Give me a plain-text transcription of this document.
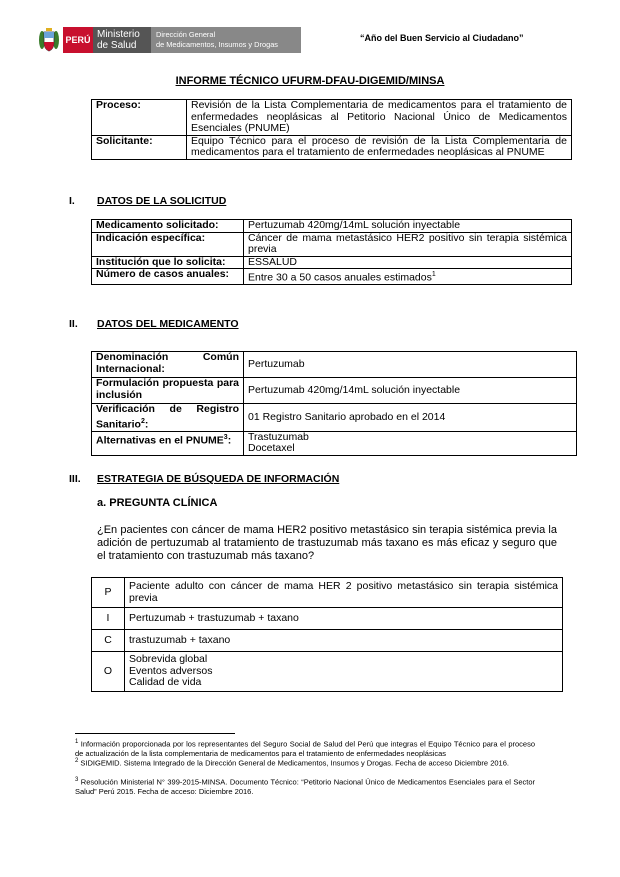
PERÚ Ministerio
de Salud
Dirección General
de Medicamentos, Insumos y Drogas
“Año del Buen Servicio al Ciudadano”
INFORME TÉCNICO UFURM-DFAU-DIGEMID/MINSA
Proceso:	Revisión de la Lista Complementaria de medicamentos para el tratamiento de enfermedades neoplásicas al Petitorio Nacional Único de Medicamentos Esenciales (PNUME)
Solicitante:	Equipo Técnico para el proceso de revisión de la Lista Complementaria de medicamentos para el tratamiento de enfermedades neoplásicas al PNUME
I. DATOS DE LA SOLICITUD
Medicamento solicitado:	Pertuzumab 420mg/14mL solución inyectable
Indicación específica:	Cáncer de mama metastásico HER2 positivo sin terapia sistémica previa
Institución que lo solicita:	ESSALUD
Número de casos anuales:	Entre 30 a 50 casos anuales estimados$^1$
II. DATOS DEL MEDICAMENTO
Denominación Común Internacional:	Pertuzumab
Formulación propuesta para inclusión	Pertuzumab 420mg/14mL solución inyectable
Verificación de Registro Sanitario$^2$:	01 Registro Sanitario aprobado en el 2014
Alternativas en el PNUME$^3$:	Trastuzumab
Docetaxel
III. ESTRATEGIA DE BÚSQUEDA DE INFORMACIÓN
a. PREGUNTA CLÍNICA
¿En pacientes con cáncer de mama HER2 positivo metastásico sin terapia sistémica previa la adición de pertuzumab al tratamiento de trastuzumab más taxano es más eficaz y seguro que el tratamiento con trastuzumab más taxano?
P	Paciente adulto con cáncer de mama HER 2 positivo metastásico sin terapia sistémica previa
I	Pertuzumab + trastuzumab + taxano
C	trastuzumab + taxano
O	Sobrevida global
Eventos adversos
Calidad de vida
$^1$ Información proporcionada por los representantes del Seguro Social de Salud del Perú que integras el Equipo Técnico para el proceso de actualización de la lista complementaria de medicamentos para el tratamiento de enfermedades neoplásicas
$^2$ SIDIGEMID. Sistema Integrado de la Dirección General de Medicamentos, Insumos y Drogas. Fecha de acceso Diciembre 2016.
$^3$ Resolución Ministerial N° 399-2015-MINSA. Documento Técnico: “Petitorio Nacional Único de Medicamentos Esenciales para el Sector Salud” Perú 2015. Fecha de acceso: Diciembre 2016.
